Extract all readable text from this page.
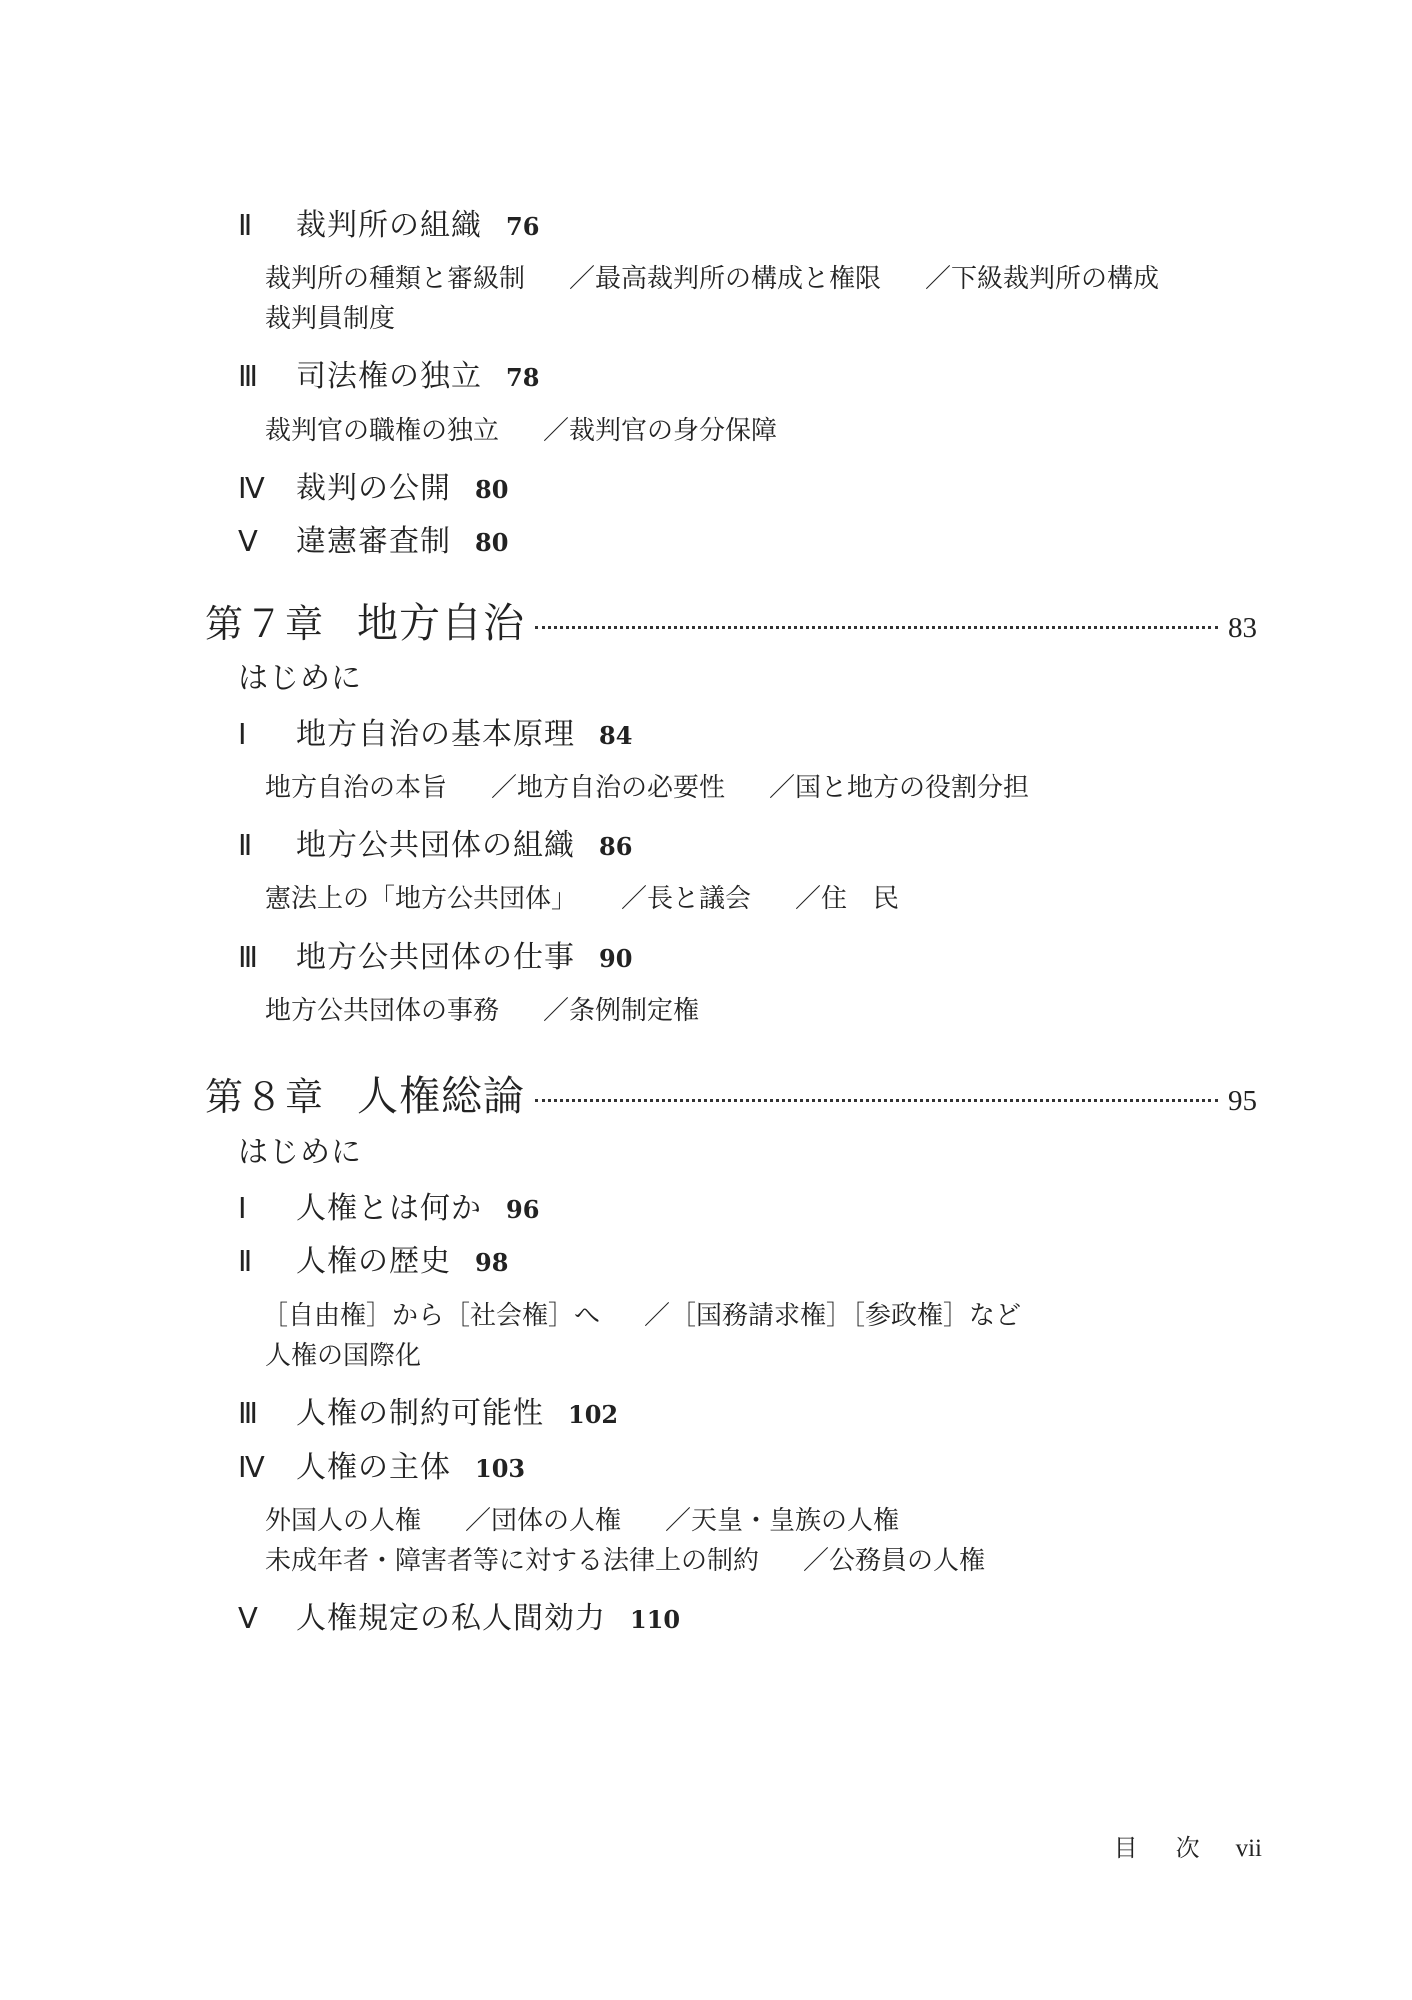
Ⅱ 裁判所の組織 76
裁判所の種類と審級制 ／最高裁判所の構成と権限 ／下級裁判所の構成
裁判員制度
Ⅲ 司法権の独立 78
裁判官の職権の独立 ／裁判官の身分保障
Ⅳ 裁判の公開 80
Ⅴ 違憲審査制 80
第７章 地方自治	83
はじめに
Ⅰ 地方自治の基本原理 84
地方自治の本旨 ／地方自治の必要性 ／国と地方の役割分担
Ⅱ 地方公共団体の組織 86
憲法上の「地方公共団体」 ／長と議会 ／住　民
Ⅲ 地方公共団体の仕事 90
地方公共団体の事務 ／条例制定権
第８章 人権総論	95
はじめに
Ⅰ 人権とは何か 96
Ⅱ 人権の歴史 98
［自由権］から［社会権］へ ／［国務請求権］［参政権］など
人権の国際化
Ⅲ 人権の制約可能性 102
Ⅳ 人権の主体 103
外国人の人権 ／団体の人権 ／天皇・皇族の人権
未成年者・障害者等に対する法律上の制約 ／公務員の人権
Ⅴ 人権規定の私人間効力 110
目 次 vii
